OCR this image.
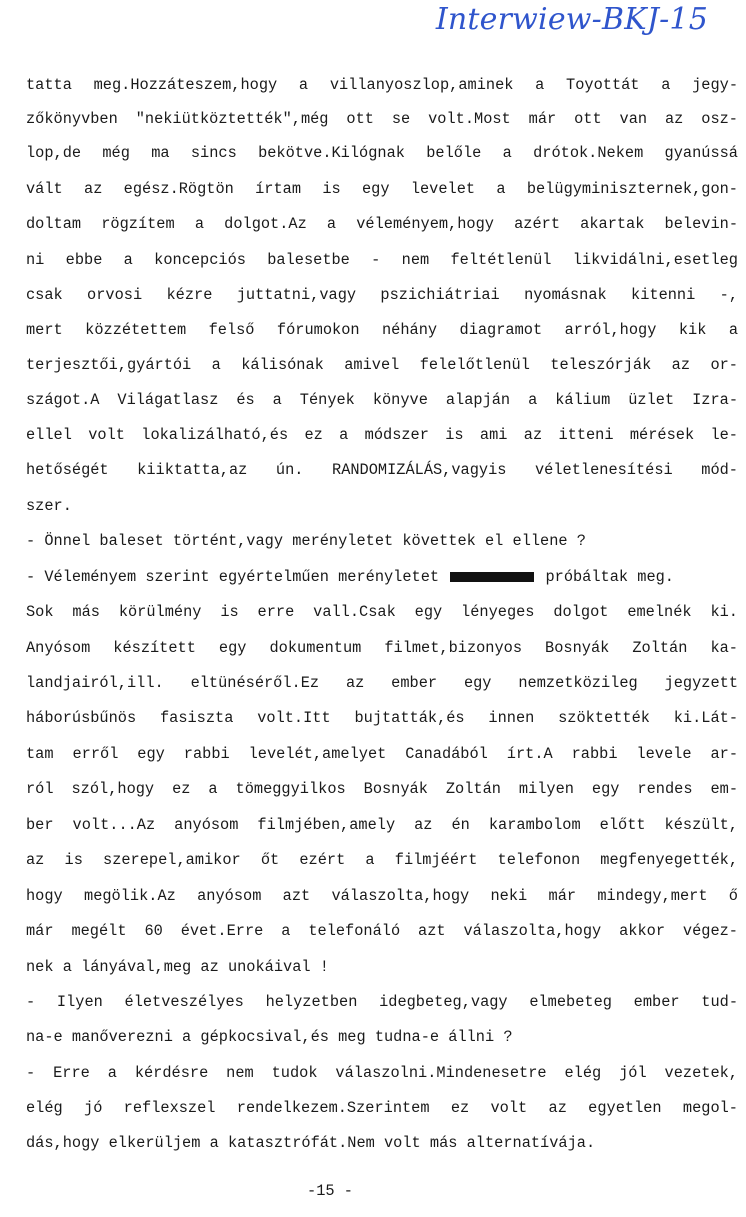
Interwiew-BKJ-15
tatta meg.Hozzáteszem,hogy a villanyoszlop,aminek a Toyottát a jegy-
zőkönyvben "nekiütköztették",még ott se volt.Most már ott van az osz-
lop,de még ma sincs bekötve.Kilógnak belőle a drótok.Nekem gyanússá
vált az egész.Rögtön írtam is egy levelet a belügyminiszternek,gon-
doltam rögzítem a dolgot.Az a véleményem,hogy azért akartak belevin-
ni ebbe a koncepciós balesetbe - nem feltétlenül likvidálni,esetleg
csak orvosi kézre juttatni,vagy pszichiátriai nyomásnak kitenni -,
mert közzétettem felső fórumokon néhány diagramot arról,hogy kik a
terjesztői,gyártói a kálisónak amivel felelőtlenül teleszórják az or-
szágot.A Világatlasz és a Tények könyve alapján a kálium üzlet Izra-
ellel volt lokalizálható,és ez a módszer is ami az itteni mérések le-
hetőségét kiiktatta,az ún. RANDOMIZÁLÁS,vagyis véletlenesítési mód-
szer.
- Önnel baleset történt,vagy merényletet követtek el ellene ?
- Véleményem szerint egyértelműen merényletet	próbáltak meg.
Sok más körülmény is erre vall.Csak egy lényeges dolgot emelnék ki.
Anyósom készített egy dokumentum filmet,bizonyos Bosnyák Zoltán ka-
landjairól,ill. eltünéséről.Ez az ember egy nemzetközileg jegyzett
háborúsbűnös fasiszta volt.Itt bujtatták,és innen szöktették ki.Lát-
tam erről egy rabbi levelét,amelyet Canadából írt.A rabbi levele ar-
ról szól,hogy ez a tömeggyilkos Bosnyák Zoltán milyen egy rendes em-
ber volt...Az anyósom filmjében,amely az én karambolom előtt készült,
az is szerepel,amikor őt ezért a filmjéért telefonon megfenyegették,
hogy megölik.Az anyósom azt válaszolta,hogy neki már mindegy,mert ő
már megélt 60 évet.Erre a telefonáló azt válaszolta,hogy akkor végez-
nek a lányával,meg az unokáival !
- Ilyen életveszélyes helyzetben idegbeteg,vagy elmebeteg ember tud-
na-e manőverezni a gépkocsival,és meg tudna-e állni ?
- Erre a kérdésre nem tudok válaszolni.Mindenesetre elég jól vezetek,
elég jó reflexszel rendelkezem.Szerintem ez volt az egyetlen megol-
dás,hogy elkerüljem a katasztrófát.Nem volt más alternatívája.
-15 -
